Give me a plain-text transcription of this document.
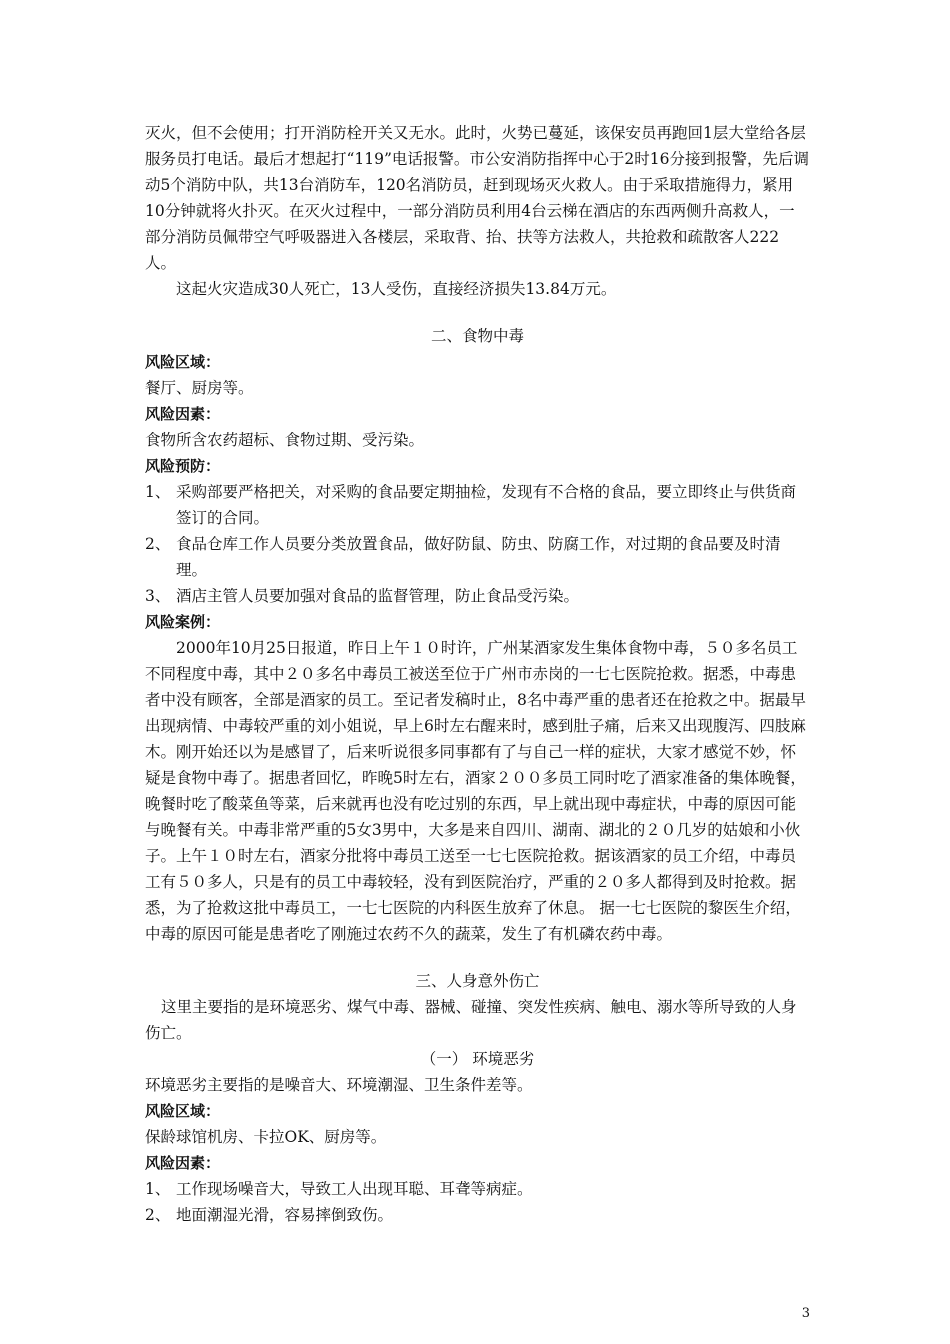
灭火，但不会使用；打开消防栓开关又无水。此时，火势已蔓延，该保安员再跑回1层大堂给各层服务员打电话。最后才想起打“119”电话报警。市公安消防指挥中心于2时16分接到报警，先后调动5个消防中队，共13台消防车，120名消防员，赶到现场灭火救人。由于采取措施得力，紧用10分钟就将火扑灭。在灭火过程中，一部分消防员利用4台云梯在酒店的东西两侧升高救人，一部分消防员佩带空气呼吸器进入各楼层，采取背、抬、扶等方法救人，共抢救和疏散客人222人。

这起火灾造成30人死亡，13人受伤，直接经济损失13.84万元。

二、食物中毒

风险区域：

餐厅、厨房等。

风险因素：

食物所含农药超标、食物过期、受污染。

风险预防：

1、 采购部要严格把关，对采购的食品要定期抽检，发现有不合格的食品，要立即终止与供货商签订的合同。

2、 食品仓库工作人员要分类放置食品，做好防鼠、防虫、防腐工作，对过期的食品要及时清理。

3、 酒店主管人员要加强对食品的监督管理，防止食品受污染。

风险案例：

2000年10月25日报道，昨日上午１０时许，广州某酒家发生集体食物中毒，５０多名员工不同程度中毒，其中２０多名中毒员工被送至位于广州市赤岗的一七七医院抢救。据悉，中毒患者中没有顾客，全部是酒家的员工。至记者发稿时止，8名中毒严重的患者还在抢救之中。据最早出现病情、中毒较严重的刘小姐说，早上6时左右醒来时，感到肚子痛，后来又出现腹泻、四肢麻木。刚开始还以为是感冒了，后来听说很多同事都有了与自己一样的症状，大家才感觉不妙，怀疑是食物中毒了。据患者回忆，昨晚5时左右，酒家２００多员工同时吃了酒家准备的集体晚餐，晚餐时吃了酸菜鱼等菜，后来就再也没有吃过别的东西，早上就出现中毒症状，中毒的原因可能与晚餐有关。中毒非常严重的5女3男中，大多是来自四川、湖南、湖北的２０几岁的姑娘和小伙子。上午１０时左右，酒家分批将中毒员工送至一七七医院抢救。据该酒家的员工介绍，中毒员工有５０多人，只是有的员工中毒较轻，没有到医院治疗，严重的２０多人都得到及时抢救。据悉，为了抢救这批中毒员工，一七七医院的内科医生放弃了休息。 据一七七医院的黎医生介绍，中毒的原因可能是患者吃了刚施过农药不久的蔬菜，发生了有机磷农药中毒。

三、人身意外伤亡

这里主要指的是环境恶劣、煤气中毒、器械、碰撞、突发性疾病、触电、溺水等所导致的人身伤亡。

（一） 环境恶劣

环境恶劣主要指的是噪音大、环境潮湿、卫生条件差等。

风险区域：

保龄球馆机房、卡拉OK、厨房等。

风险因素：

1、 工作现场噪音大，导致工人出现耳聪、耳聋等病症。

2、 地面潮湿光滑，容易摔倒致伤。

3
